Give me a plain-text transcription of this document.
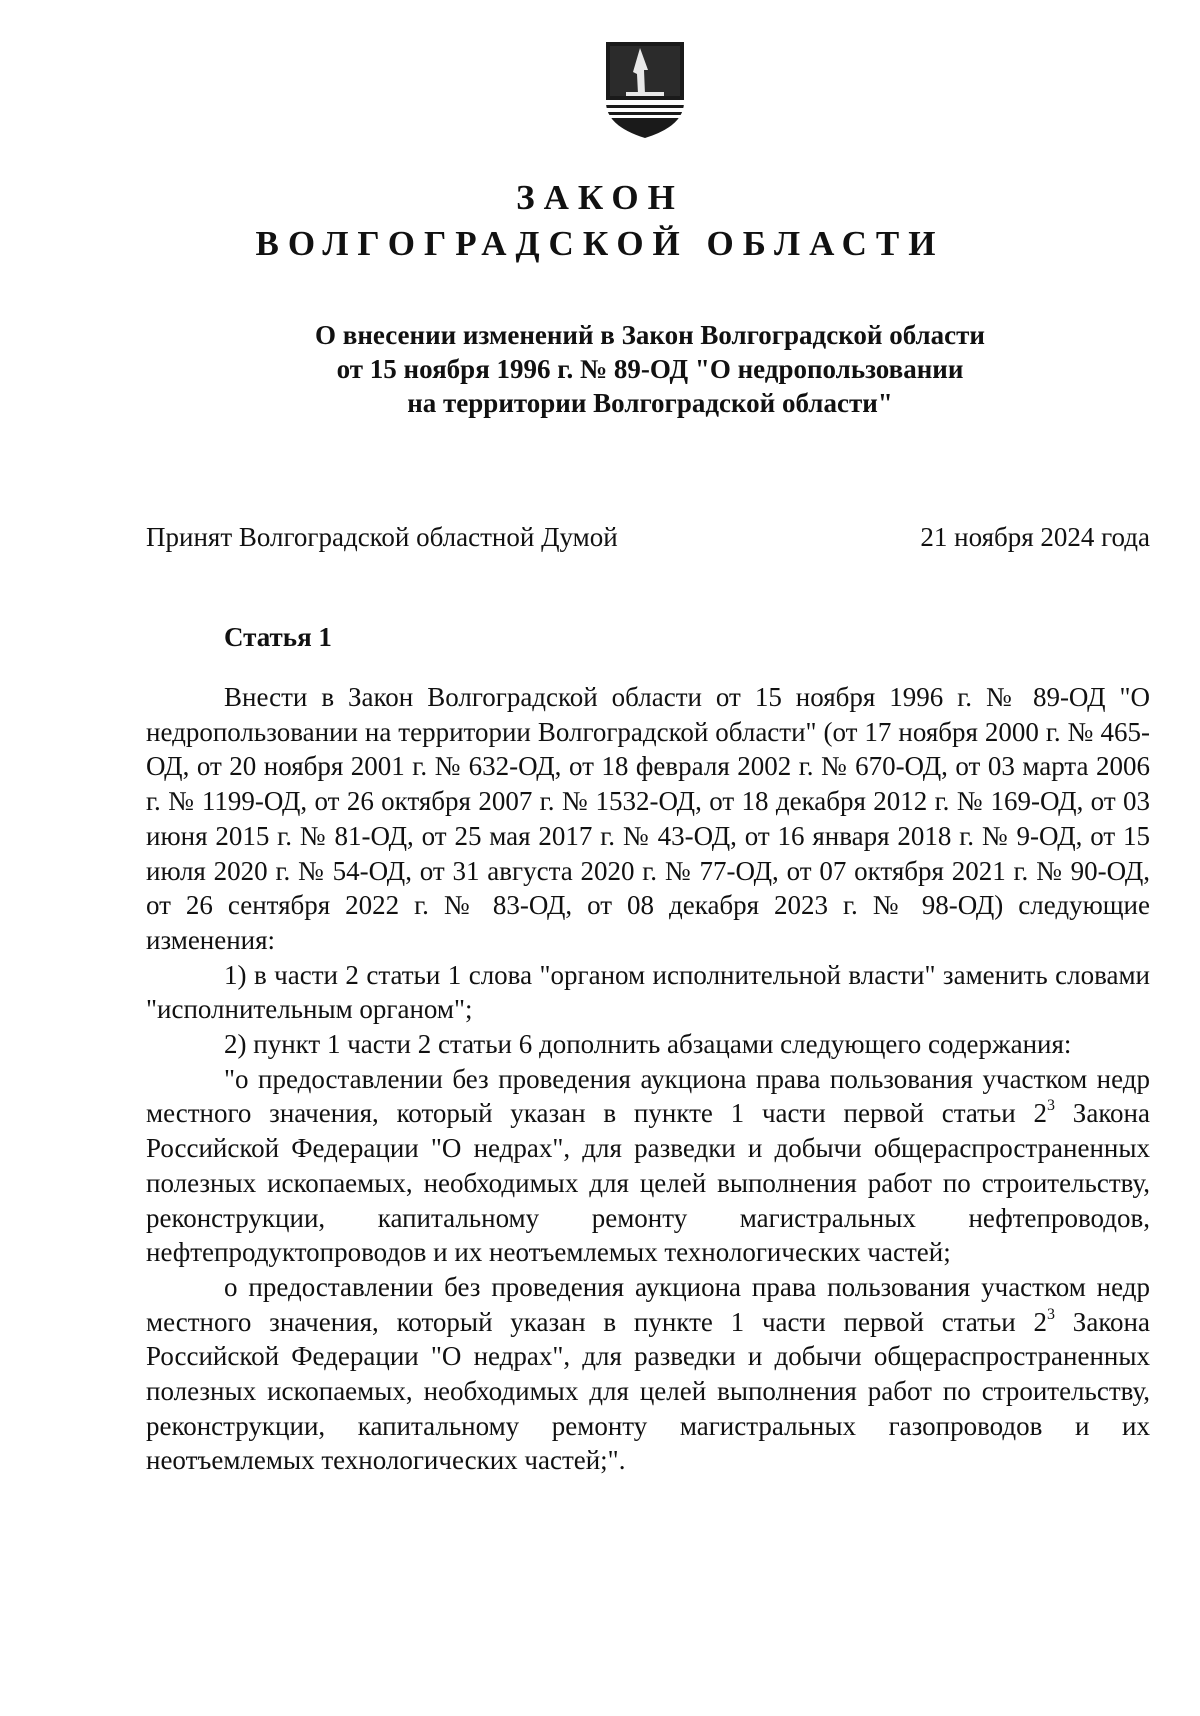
ЗАКОН
ВОЛГОГРАДСКОЙ ОБЛАСТИ
О внесении изменений в Закон Волгоградской области
от 15 ноября 1996 г. № 89-ОД "О недропользовании
на территории Волгоградской области"
Принят Волгоградской областной Думой	21 ноября 2024 года
Статья 1

Внести в Закон Волгоградской области от 15 ноября 1996 г. № 89-ОД "О недропользовании на территории Волгоградской области" (от 17 ноября 2000 г. № 465-ОД, от 20 ноября 2001 г. № 632-ОД, от 18 февраля 2002 г. № 670-ОД, от 03 марта 2006 г. № 1199-ОД, от 26 октября 2007 г. № 1532-ОД, от 18 декабря 2012 г. № 169-ОД, от 03 июня 2015 г. № 81-ОД, от 25 мая 2017 г. № 43-ОД, от 16 января 2018 г. № 9-ОД, от 15 июля 2020 г. № 54-ОД, от 31 августа 2020 г. № 77-ОД, от 07 октября 2021 г. № 90-ОД, от 26 сентября 2022 г. № 83-ОД, от 08 декабря 2023 г. № 98-ОД) следующие изменения:

1) в части 2 статьи 1 слова "органом исполнительной власти" заменить словами "исполнительным органом";

2) пункт 1 части 2 статьи 6 дополнить абзацами следующего содержания:

"о предоставлении без проведения аукциона права пользования участком недр местного значения, который указан в пункте 1 части первой статьи $2^3$ Закона Российской Федерации "О недрах", для разведки и добычи общераспространенных полезных ископаемых, необходимых для целей выполнения работ по строительству, реконструкции, капитальному ремонту магистральных нефтепроводов, нефтепродуктопроводов и их неотъемлемых технологических частей;

о предоставлении без проведения аукциона права пользования участком недр местного значения, который указан в пункте 1 части первой статьи $2^3$ Закона Российской Федерации "О недрах", для разведки и добычи общераспространенных полезных ископаемых, необходимых для целей выполнения работ по строительству, реконструкции, капитальному ремонту магистральных газопроводов и их неотъемлемых технологических частей;".
